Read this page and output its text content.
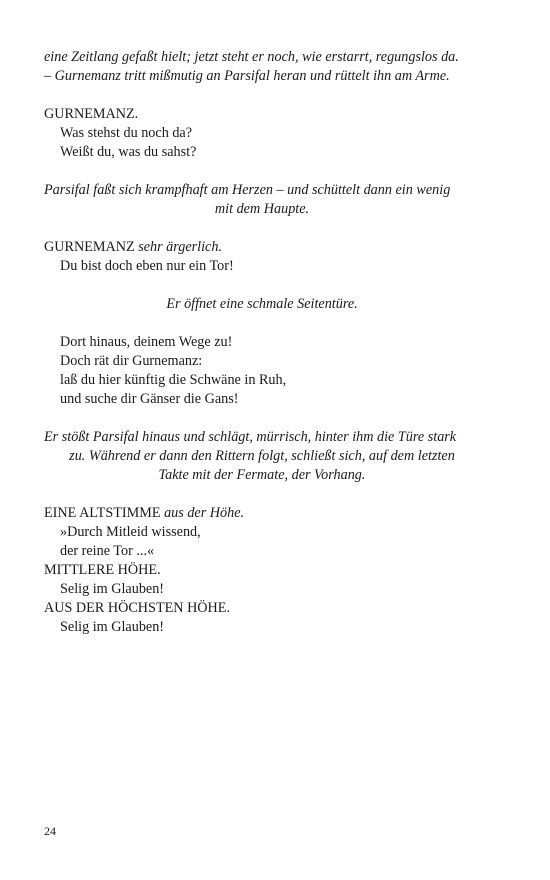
eine Zeitlang gefaßt hielt; jetzt steht er noch, wie erstarrt, regungslos da.
– Gurnemanz tritt mißmutig an Parsifal heran und rüttelt ihn am Arme.
GURNEMANZ.
Was stehst du noch da?
Weißt du, was du sahst?
Parsifal faßt sich krampfhaft am Herzen – und schüttelt dann ein wenig
mit dem Haupte.
GURNEMANZ sehr ärgerlich.
Du bist doch eben nur ein Tor!
Er öffnet eine schmale Seitentüre.
Dort hinaus, deinem Wege zu!
Doch rät dir Gurnemanz:
laß du hier künftig die Schwäne in Ruh,
und suche dir Gänser die Gans!
Er stößt Parsifal hinaus und schlägt, mürrisch, hinter ihm die Türe stark
zu. Während er dann den Rittern folgt, schließt sich, auf dem letzten
Takte mit der Fermate, der Vorhang.
EINE ALTSTIMME aus der Höhe.
»Durch Mitleid wissend,
der reine Tor ...«
MITTLERE HÖHE.
Selig im Glauben!
AUS DER HÖCHSTEN HÖHE.
Selig im Glauben!
24
